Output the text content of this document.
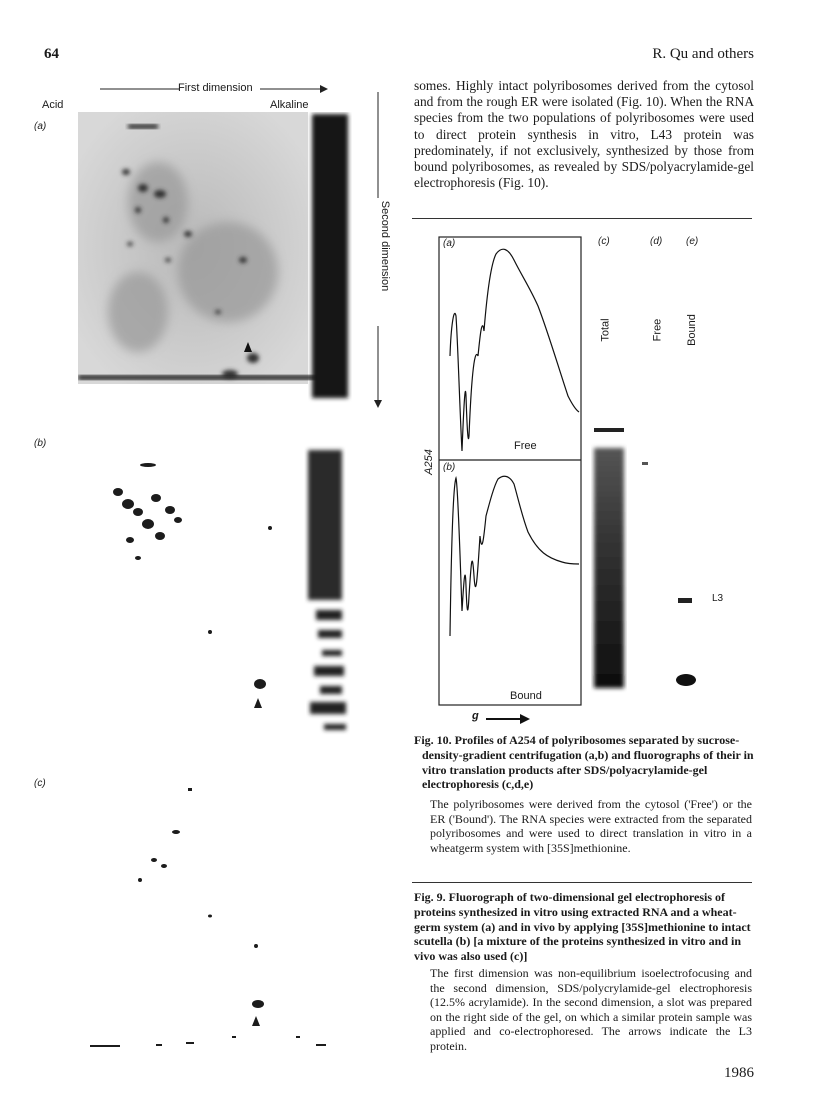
64	R. Qu and others
First dimension
Acid	Alkaline
(a)
Second dimension
(b)
(c)
somes. Highly intact polyribosomes derived from the cytosol and from the rough ER were isolated (Fig. 10). When the RNA species from the two populations of polyribosomes were used to direct protein synthesis in vitro, L43 protein was predominately, if not exclusively, synthesized by those from bound polyribosomes, as revealed by SDS/polyacrylamide-gel electrophoresis (Fig. 10).
(a)
(b)
Free
Bound
A254
g
(c)	(d) (e)
Total	Free Bound
L3
Fig. 10. Profiles of A254 of polyribosomes separated by sucrose-density-gradient centrifugation (a,b) and fluorographs of their in vitro translation products after SDS/polyacrylamide-gel electrophoresis (c,d,e)
The polyribosomes were derived from the cytosol ('Free') or the ER ('Bound'). The RNA species were extracted from the separated polyribosomes and were used to direct translation in vitro in a wheatgerm system with [35S]methionine.
Fig. 9. Fluorograph of two-dimensional gel electrophoresis of proteins synthesized in vitro using extracted RNA and a wheat-germ system (a) and in vivo by applying [35S]methionine to intact scutella (b) [a mixture of the proteins synthesized in vitro and in vivo was also used (c)]
The first dimension was non-equilibrium isoelectrofocusing and the second dimension, SDS/polycrylamide-gel electrophoresis (12.5% acrylamide). In the second dimension, a slot was prepared on the right side of the gel, on which a similar protein sample was applied and co-electrophoresed. The arrows indicate the L3 protein.
1986
